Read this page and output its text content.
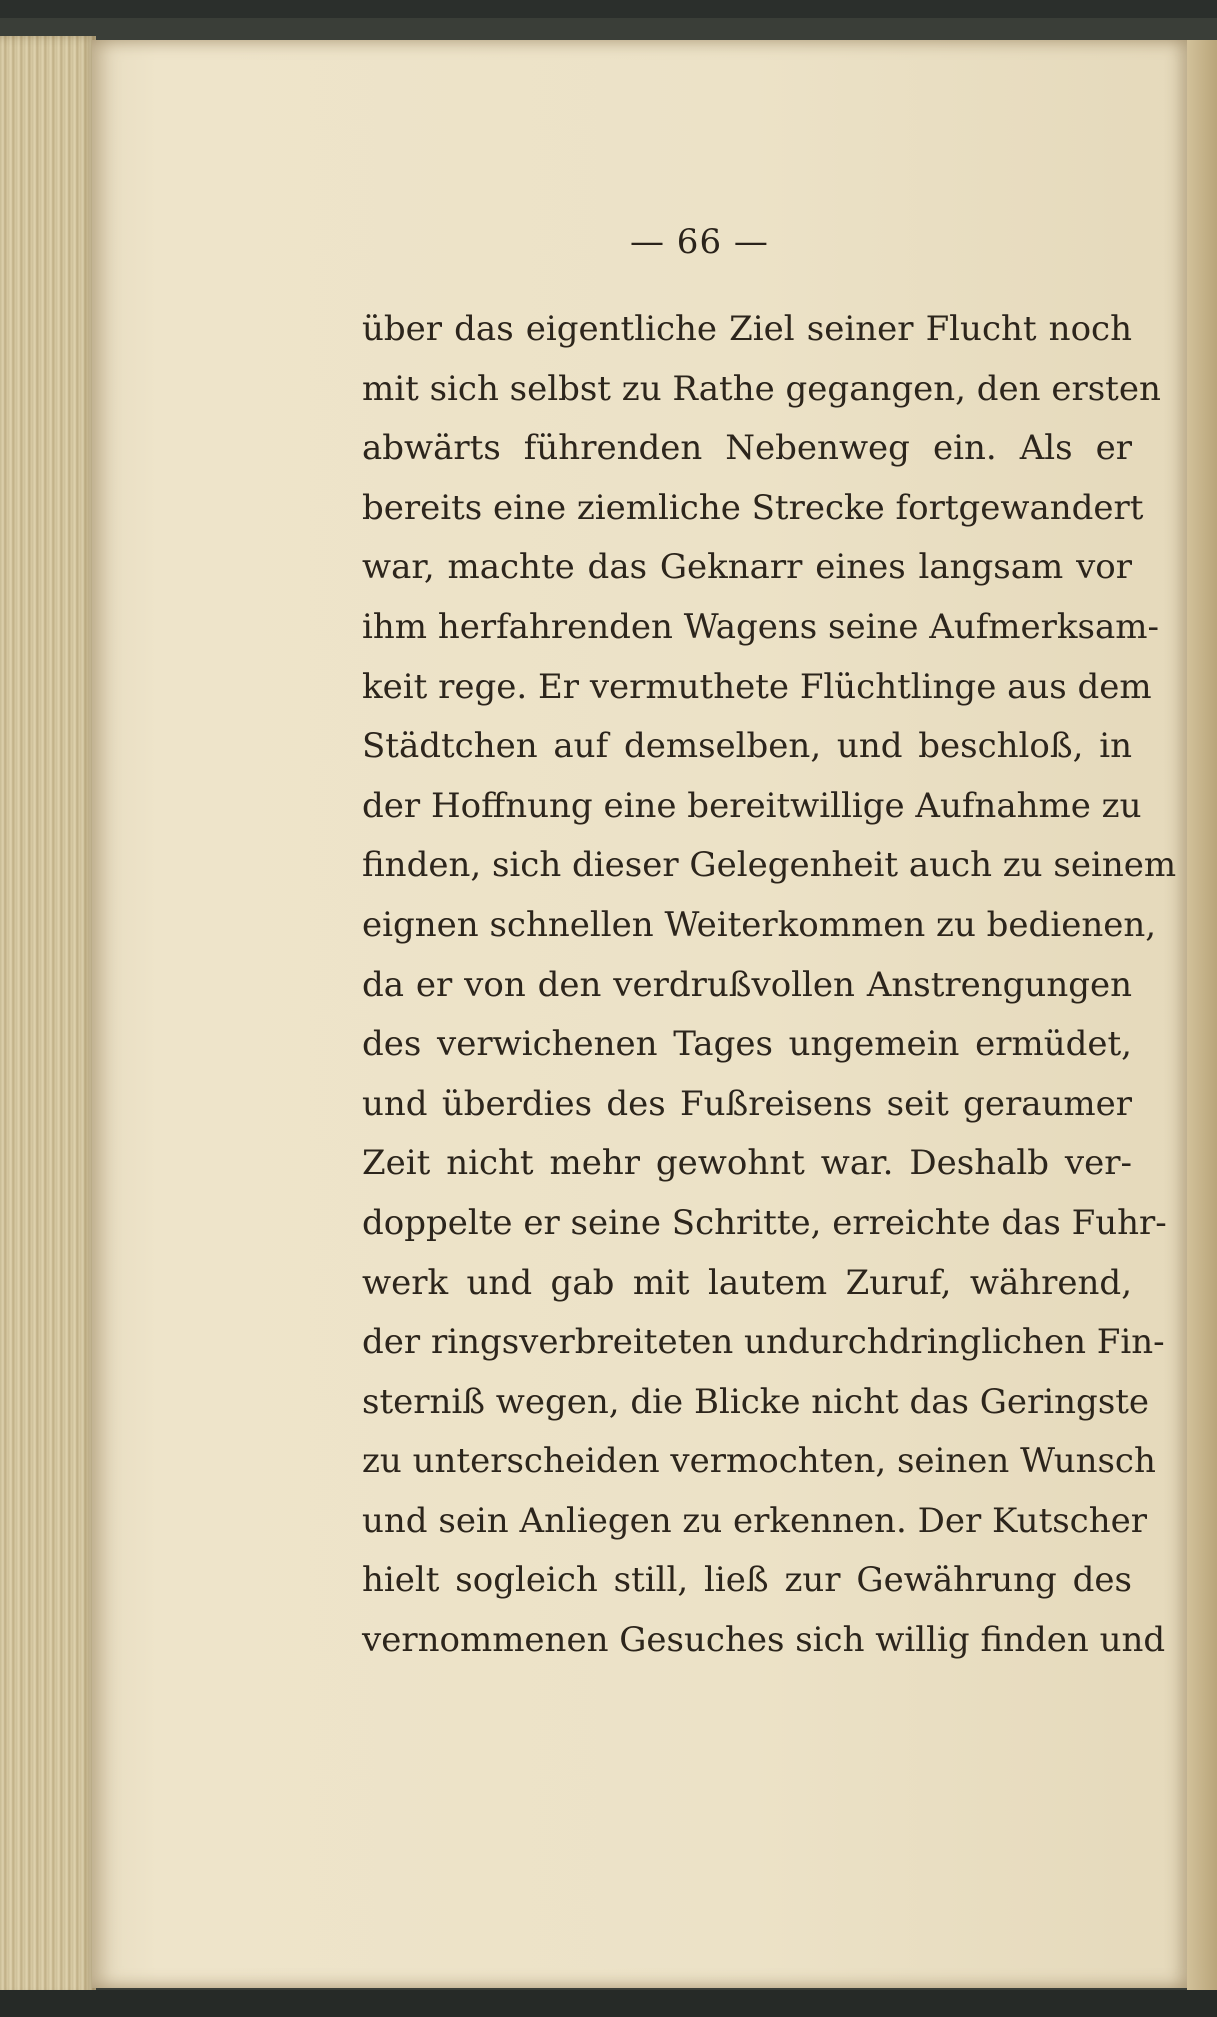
— 66 —
über das eigentliche Ziel seiner Flucht noch
mit sich selbst zu Rathe gegangen, den ersten
abwärts führenden Nebenweg ein. Als er
bereits eine ziemliche Strecke fortgewandert
war, machte das Geknarr eines langsam vor
ihm herfahrenden Wagens seine Aufmerksam-
keit rege. Er vermuthete Flüchtlinge aus dem
Städtchen auf demselben, und beschloß, in
der Hoffnung eine bereitwillige Aufnahme zu
finden, sich dieser Gelegenheit auch zu seinem
eignen schnellen Weiterkommen zu bedienen,
da er von den verdrußvollen Anstrengungen
des verwichenen Tages ungemein ermüdet,
und überdies des Fußreisens seit geraumer
Zeit nicht mehr gewohnt war. Deshalb ver-
doppelte er seine Schritte, erreichte das Fuhr-
werk und gab mit lautem Zuruf, während,
der ringsverbreiteten undurchdringlichen Fin-
sterniß wegen, die Blicke nicht das Geringste
zu unterscheiden vermochten, seinen Wunsch
und sein Anliegen zu erkennen. Der Kutscher
hielt sogleich still, ließ zur Gewährung des
vernommenen Gesuches sich willig finden und
